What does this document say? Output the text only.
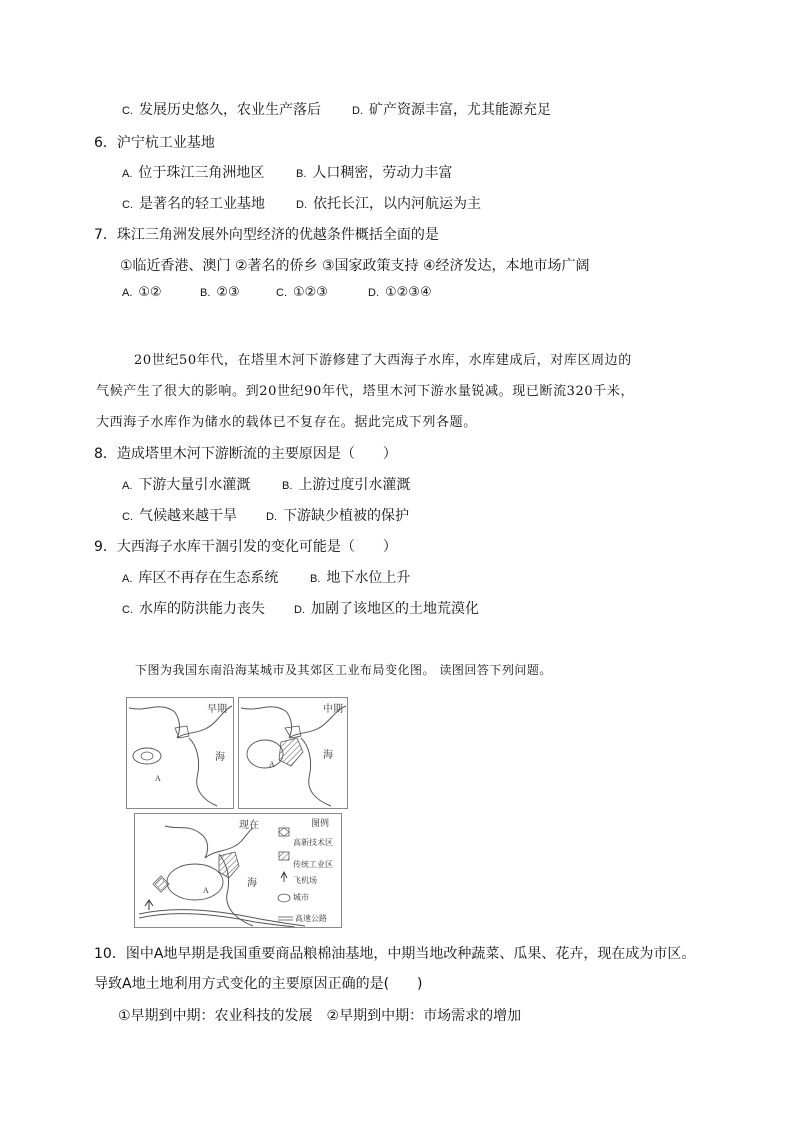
C. 发展历史悠久，农业生产落后	D. 矿产资源丰富，尤其能源充足
6．沪宁杭工业基地
A. 位于珠江三角洲地区	B. 人口稠密，劳动力丰富
C. 是著名的轻工业基地	D. 依托长江，以内河航运为主
7．珠江三角洲发展外向型经济的优越条件概括全面的是
①临近香港、澳门 ②著名的侨乡 ③国家政策支持 ④经济发达，本地市场广阔
A. ①②	B. ②③	C. ①②③	D. ①②③④
20世纪50年代，在塔里木河下游修建了大西海子水库，水库建成后，对库区周边的
气候产生了很大的影响。到20世纪90年代，塔里木河下游水量锐减。现已断流320千米，
大西海子水库作为储水的载体已不复存在。据此完成下列各题。
8．造成塔里木河下游断流的主要原因是（　　）
A. 下游大量引水灌溉	B. 上游过度引水灌溉
C. 气候越来越干旱	D. 下游缺少植被的保护
9．大西海子水库干涸引发的变化可能是（　　）
A. 库区不再存在生态系统	B. 地下水位上升
C. 水库的防洪能力丧失	D. 加剧了该地区的土地荒漠化
下图为我国东南沿海某城市及其郊区工业布局变化图。 读图回答下列问题。
早期
海
A
中期
海
A
现在
海
A
图例
高新技术区
传统工业区
飞机场
城市
高速公路
10．图中A地早期是我国重要商品粮棉油基地，中期当地改种蔬菜、瓜果、花卉，现在成为市区。
导致A地土地利用方式变化的主要原因正确的是(　　)
①早期到中期：农业科技的发展　②早期到中期：市场需求的增加
